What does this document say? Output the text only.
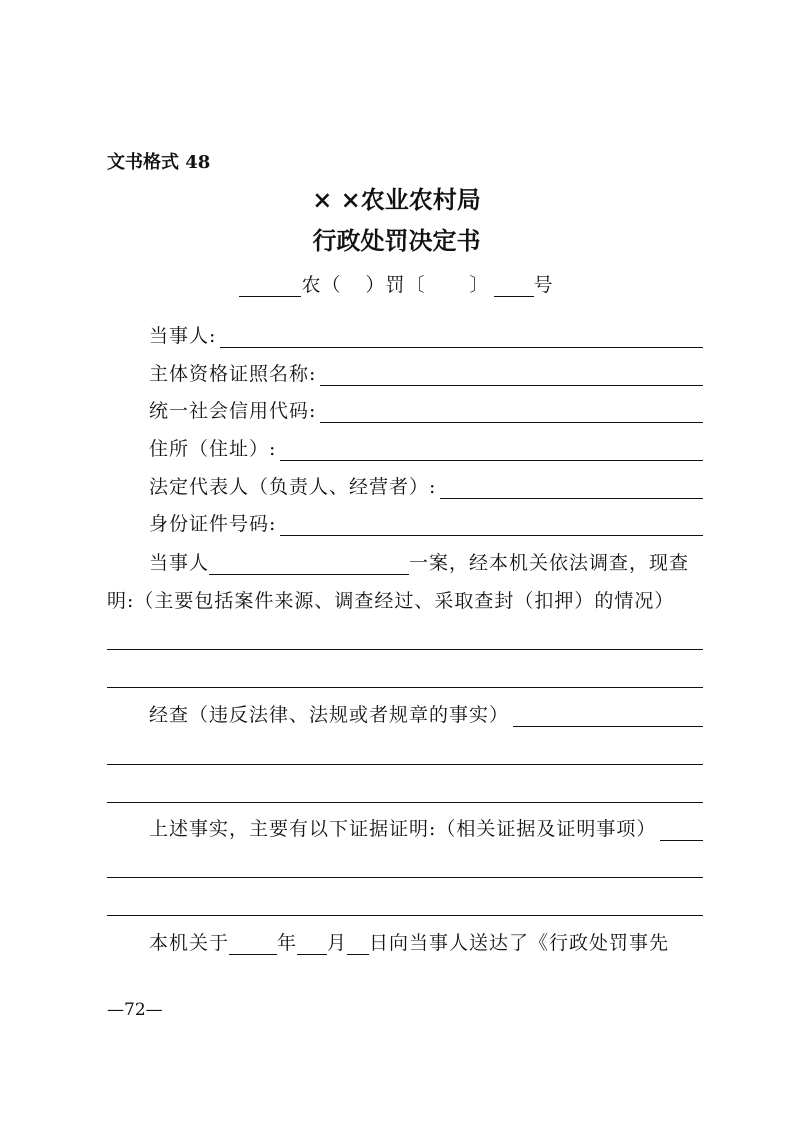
文书格式 48
× ×农业农村局
行政处罚决定书
农（ ）罚〔 〕 号
当事人:
主体资格证照名称:
统一社会信用代码:
住所（住址）:
法定代表人（负责人、经营者）:
身份证件号码:
当事人	一案，经本机关依法调查，现查
明:（主要包括案件来源、调查经过、采取查封（扣押）的情况）
经查（违反法律、法规或者规章的事实）
上述事实，主要有以下证据证明:（相关证据及证明事项）
本机关于	年 月 日向当事人送达了《行政处罚事先
—72—
